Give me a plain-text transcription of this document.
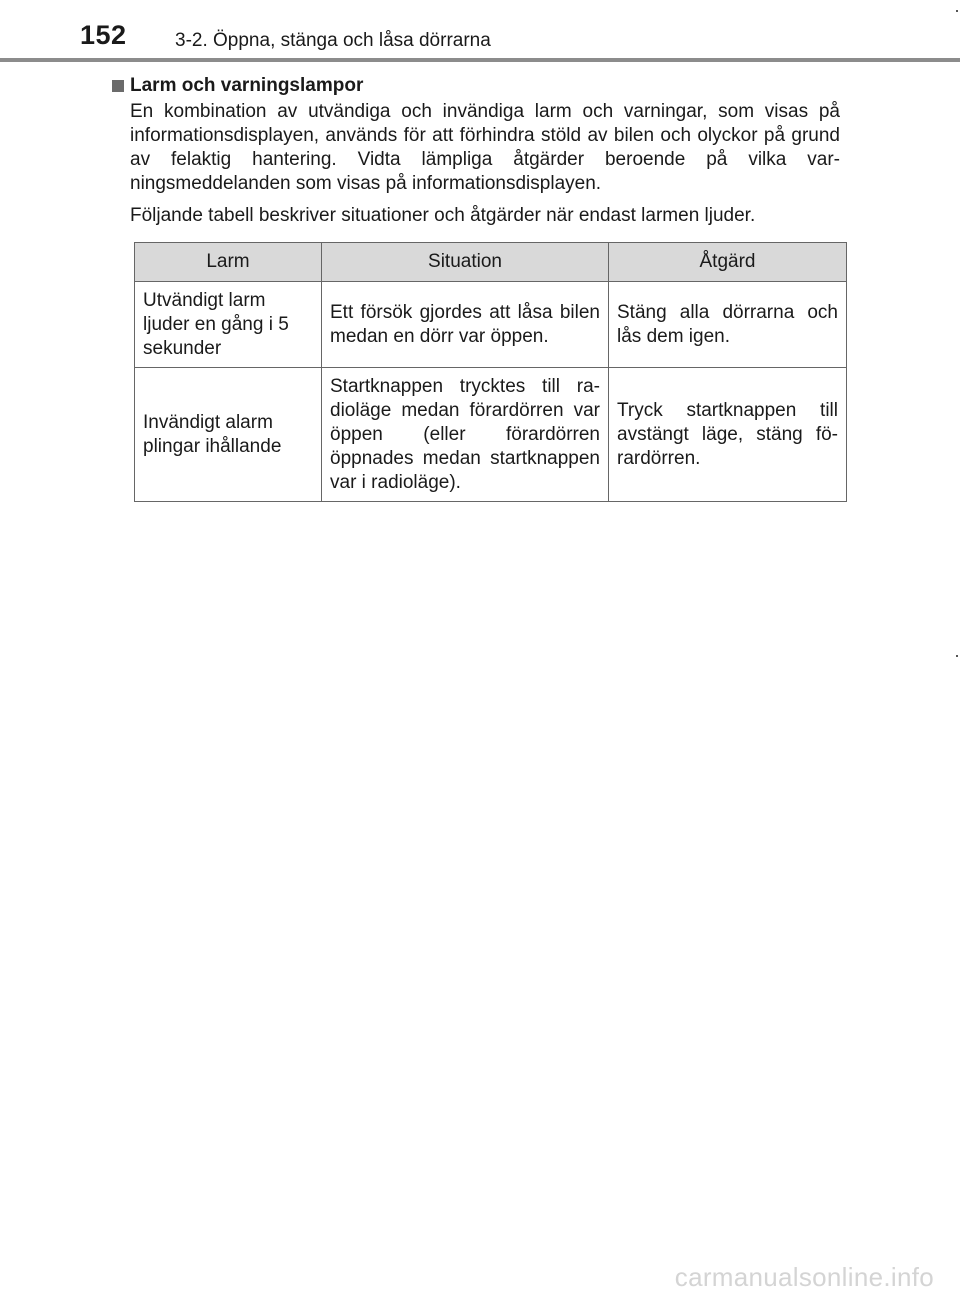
152	3-2. Öppna, stänga och låsa dörrarna
Larm och varningslampor

En kombination av utvändiga och invändiga larm och varningar, som visas på informationsdisplayen, används för att förhindra stöld av bilen och olyckor på grund av felaktig hantering. Vidta lämpliga åtgärder beroende på vilka varningsmeddelanden som visas på informationsdisplayen.

Följande tabell beskriver situationer och åtgärder när endast larmen ljuder.

Larm	Situation	Åtgärd
Utvändigt larm ljuder en gång i 5 sekunder	Ett försök gjordes att låsa bilen medan en dörr var öppen.	Stäng alla dörrarna och lås dem igen.
Invändigt alarm plingar ihållande	Startknappen trycktes till radioläge medan förardörren var öppen (eller förardörren öppnades medan startknappen var i radioläge).	Tryck startknappen till avstängt läge, stäng förardörren.
carmanualsonline.info
